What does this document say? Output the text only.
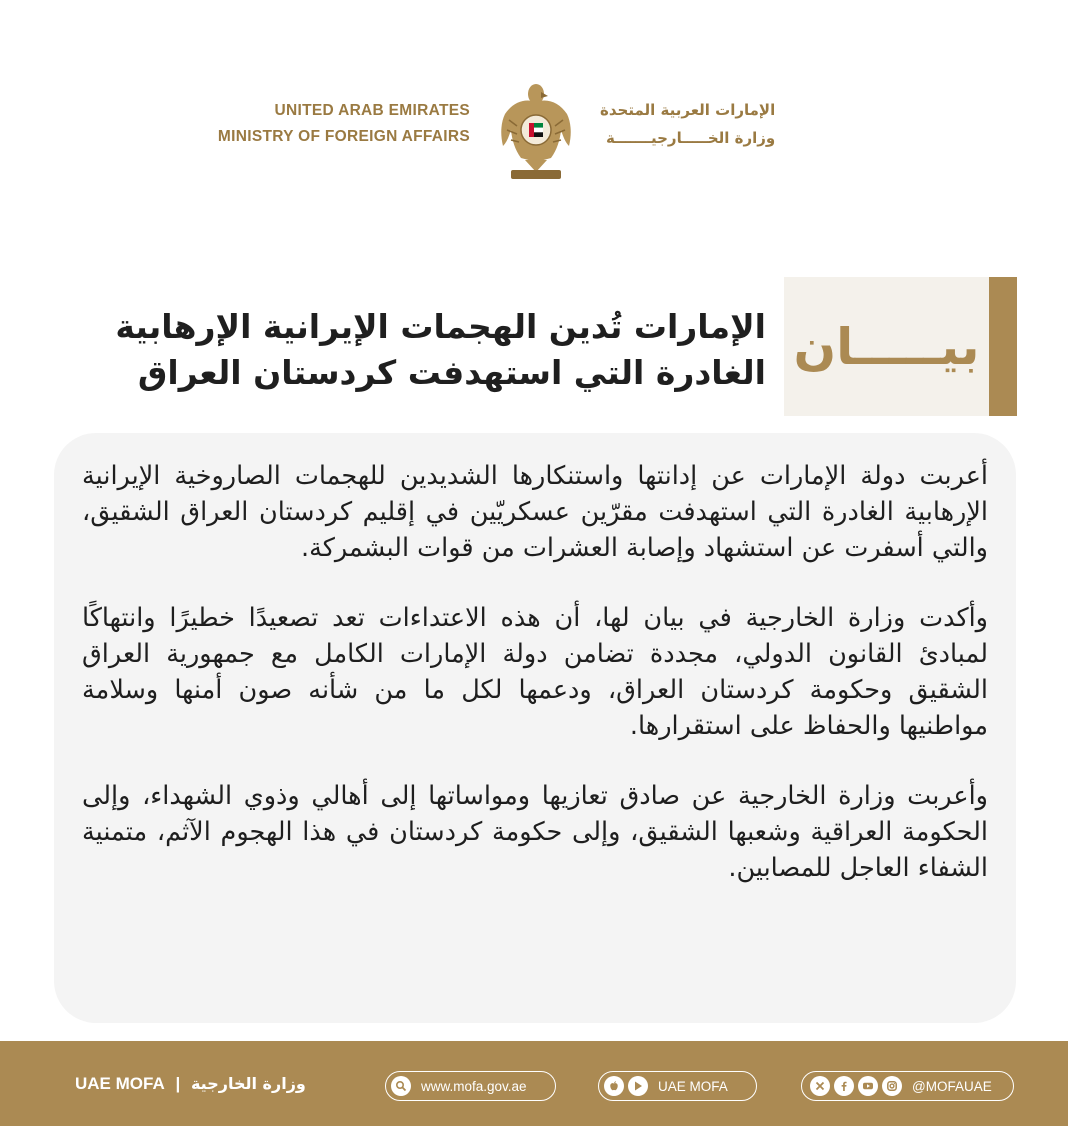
UNITED ARAB EMIRATES
MINISTRY OF FOREIGN AFFAIRS
الإمارات العربية المتحدة
وزارة الخـــــارجيـــــــة
بيـــــان
الإمارات تُدين الهجمات الإيرانية الإرهابية
الغادرة التي استهدفت كردستان العراق

أعربت دولة الإمارات عن إدانتها واستنكارها الشديدين للهجمات الصاروخية الإيرانية الإرهابية الغادرة التي استهدفت مقرّين عسكريّين في إقليم كردستان العراق الشقيق، والتي أسفرت عن استشهاد وإصابة العشرات من قوات البشمركة.

وأكدت وزارة الخارجية في بيان لها، أن هذه الاعتداءات تعد تصعيدًا خطيرًا وانتهاكًا لمبادئ القانون الدولي، مجددة تضامن دولة الإمارات الكامل مع جمهورية العراق الشقيق وحكومة كردستان العراق، ودعمها لكل ما من شأنه صون أمنها وسلامة مواطنيها والحفاظ على استقرارها.

وأعربت وزارة الخارجية عن صادق تعازيها ومواساتها إلى أهالي وذوي الشهداء، وإلى الحكومة العراقية وشعبها الشقيق، وإلى حكومة كردستان في هذا الهجوم الآثم، متمنية الشفاء العاجل للمصابين.

UAE MOFA | وزارة الخارجية	www.mofa.gov.ae	UAE MOFA	@MOFAUAE
